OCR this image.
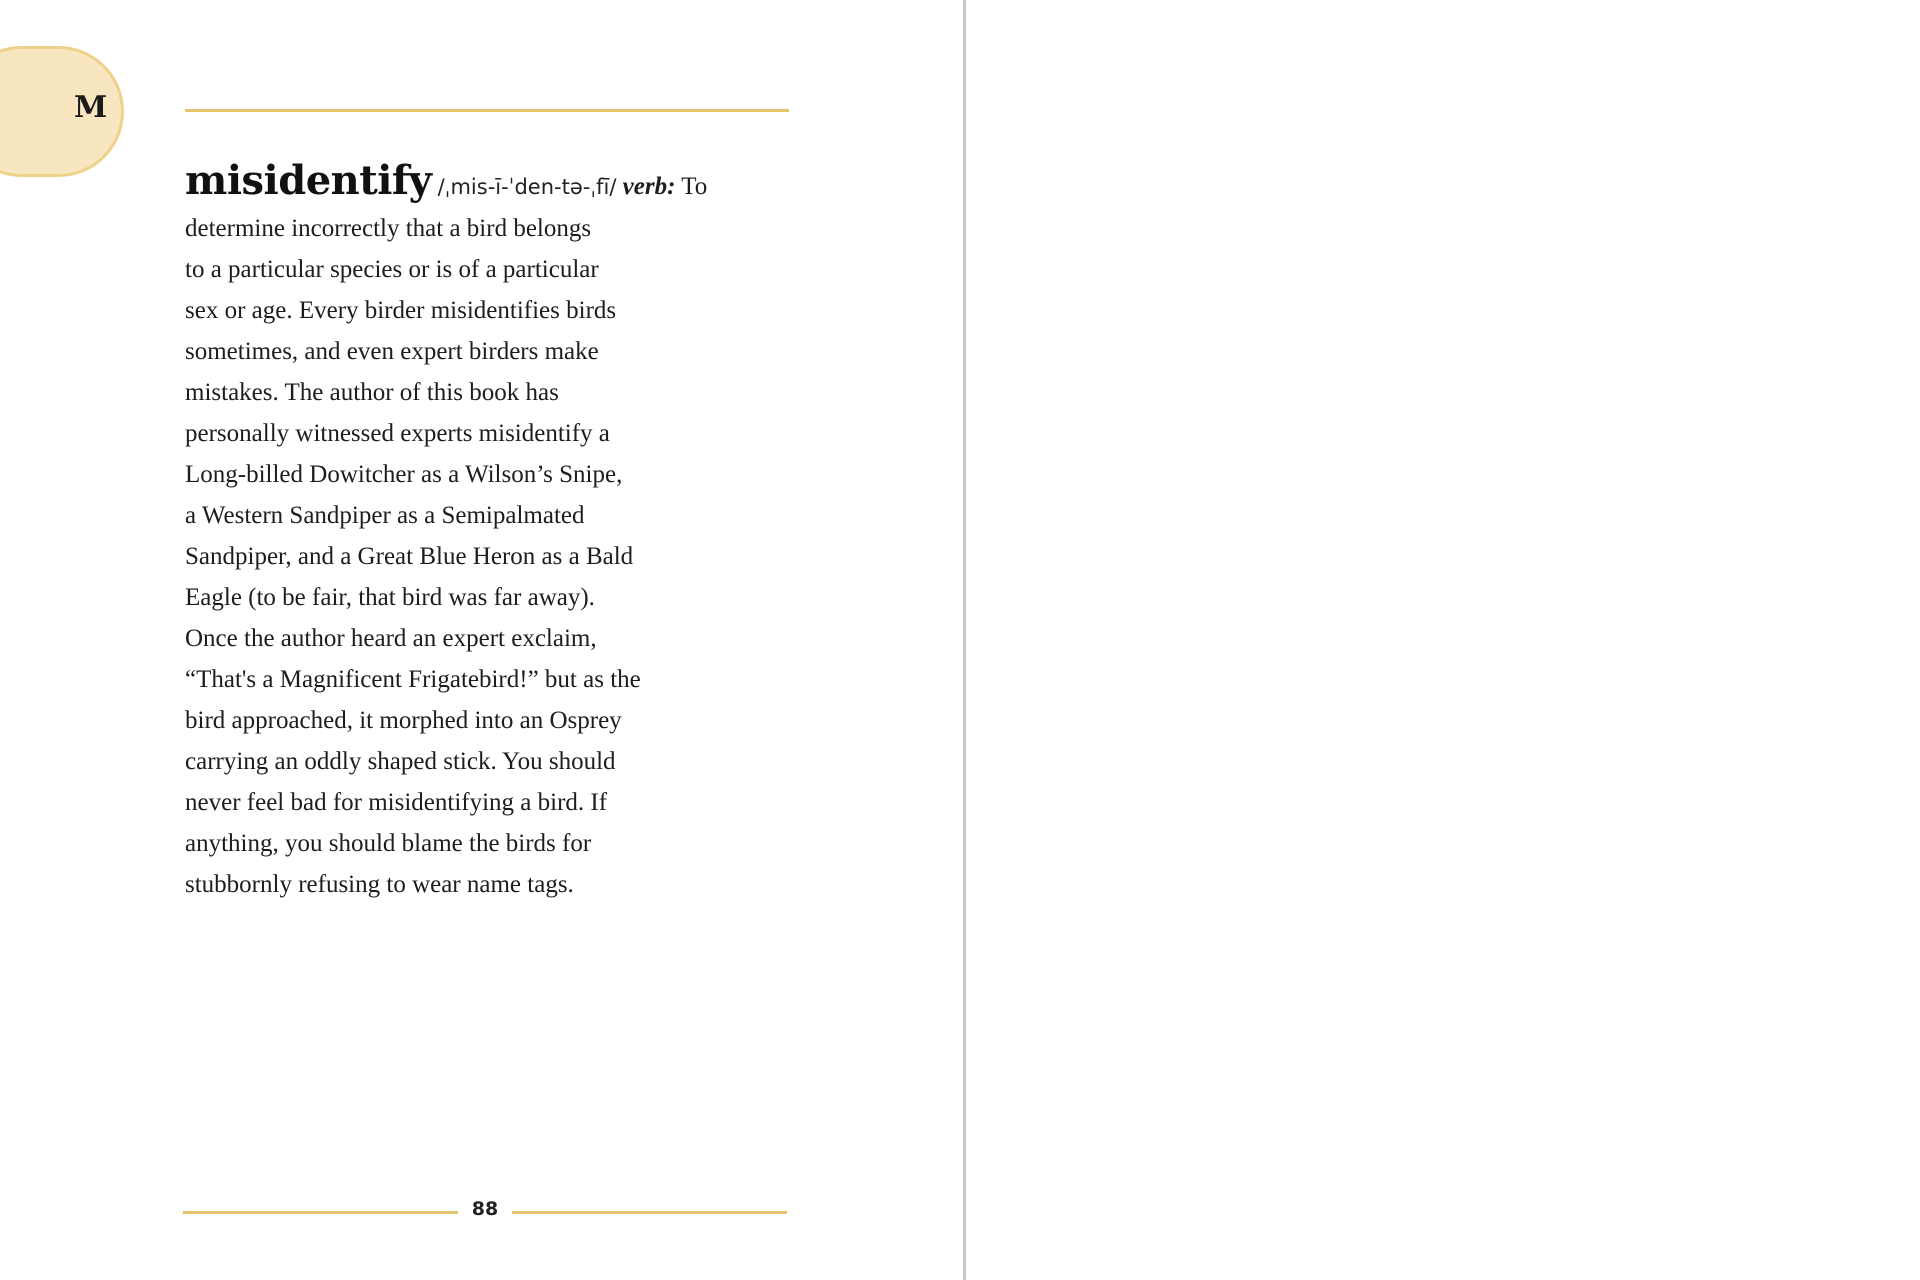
M
misidentify /ˌmis-ī-ˈden-tə-ˌfī/ verb: To
determine incorrectly that a bird belongs
to a particular species or is of a particular
sex or age. Every birder misidentifies birds
sometimes, and even expert birders make
mistakes. The author of this book has
personally witnessed experts misidentify a
Long-billed Dowitcher as a Wilson’s Snipe,
a Western Sandpiper as a Semipalmated
Sandpiper, and a Great Blue Heron as a Bald
Eagle (to be fair, that bird was far away).
Once the author heard an expert exclaim,
“That's a Magnificent Frigatebird!” but as the
bird approached, it morphed into an Osprey
carrying an oddly shaped stick. You should
never feel bad for misidentifying a bird. If
anything, you should blame the birds for
stubbornly refusing to wear name tags.
88
